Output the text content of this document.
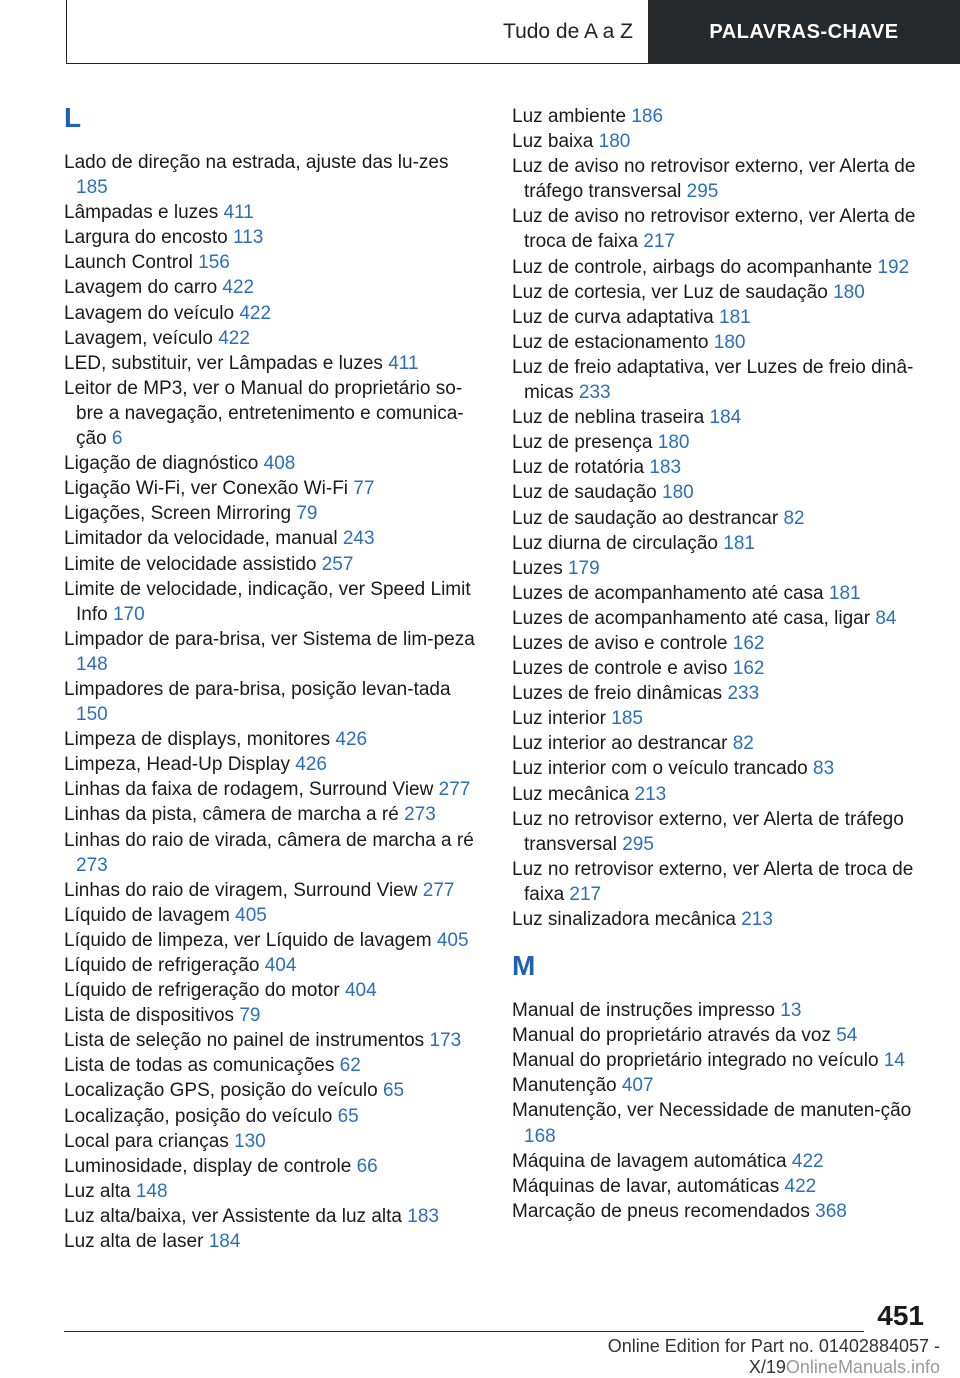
Tudo de A a Z	PALAVRAS-CHAVE
L
Lado de direção na estrada, ajuste das lu-zes 185
Lâmpadas e luzes 411
Largura do encosto 113
Launch Control 156
Lavagem do carro 422
Lavagem do veículo 422
Lavagem, veículo 422
LED, substituir, ver Lâmpadas e luzes 411
Leitor de MP3, ver o Manual do proprietário so-bre a navegação, entretenimento e comunica-ção 6
Ligação de diagnóstico 408
Ligação Wi-Fi, ver Conexão Wi-Fi 77
Ligações, Screen Mirroring 79
Limitador da velocidade, manual 243
Limite de velocidade assistido 257
Limite de velocidade, indicação, ver Speed Limit Info 170
Limpador de para-brisa, ver Sistema de lim-peza 148
Limpadores de para-brisa, posição levan-tada 150
Limpeza de displays, monitores 426
Limpeza, Head-Up Display 426
Linhas da faixa de rodagem, Surround View 277
Linhas da pista, câmera de marcha a ré 273
Linhas do raio de virada, câmera de marcha a ré 273
Linhas do raio de viragem, Surround View 277
Líquido de lavagem 405
Líquido de limpeza, ver Líquido de lavagem 405
Líquido de refrigeração 404
Líquido de refrigeração do motor 404
Lista de dispositivos 79
Lista de seleção no painel de instrumentos 173
Lista de todas as comunicações 62
Localização GPS, posição do veículo 65
Localização, posição do veículo 65
Local para crianças 130
Luminosidade, display de controle 66
Luz alta 148
Luz alta/baixa, ver Assistente da luz alta 183
Luz alta de laser 184
Luz ambiente 186
Luz baixa 180
Luz de aviso no retrovisor externo, ver Alerta de tráfego transversal 295
Luz de aviso no retrovisor externo, ver Alerta de troca de faixa 217
Luz de controle, airbags do acompanhante 192
Luz de cortesia, ver Luz de saudação 180
Luz de curva adaptativa 181
Luz de estacionamento 180
Luz de freio adaptativa, ver Luzes de freio dinâ-micas 233
Luz de neblina traseira 184
Luz de presença 180
Luz de rotatória 183
Luz de saudação 180
Luz de saudação ao destrancar 82
Luz diurna de circulação 181
Luzes 179
Luzes de acompanhamento até casa 181
Luzes de acompanhamento até casa, ligar 84
Luzes de aviso e controle 162
Luzes de controle e aviso 162
Luzes de freio dinâmicas 233
Luz interior 185
Luz interior ao destrancar 82
Luz interior com o veículo trancado 83
Luz mecânica 213
Luz no retrovisor externo, ver Alerta de tráfego transversal 295
Luz no retrovisor externo, ver Alerta de troca de faixa 217
Luz sinalizadora mecânica 213
M
Manual de instruções impresso 13
Manual do proprietário através da voz 54
Manual do proprietário integrado no veículo 14
Manutenção 407
Manutenção, ver Necessidade de manuten-ção 168
Máquina de lavagem automática 422
Máquinas de lavar, automáticas 422
Marcação de pneus recomendados 368
451
Online Edition for Part no. 01402884057 - X/19OnlineManuals.info
